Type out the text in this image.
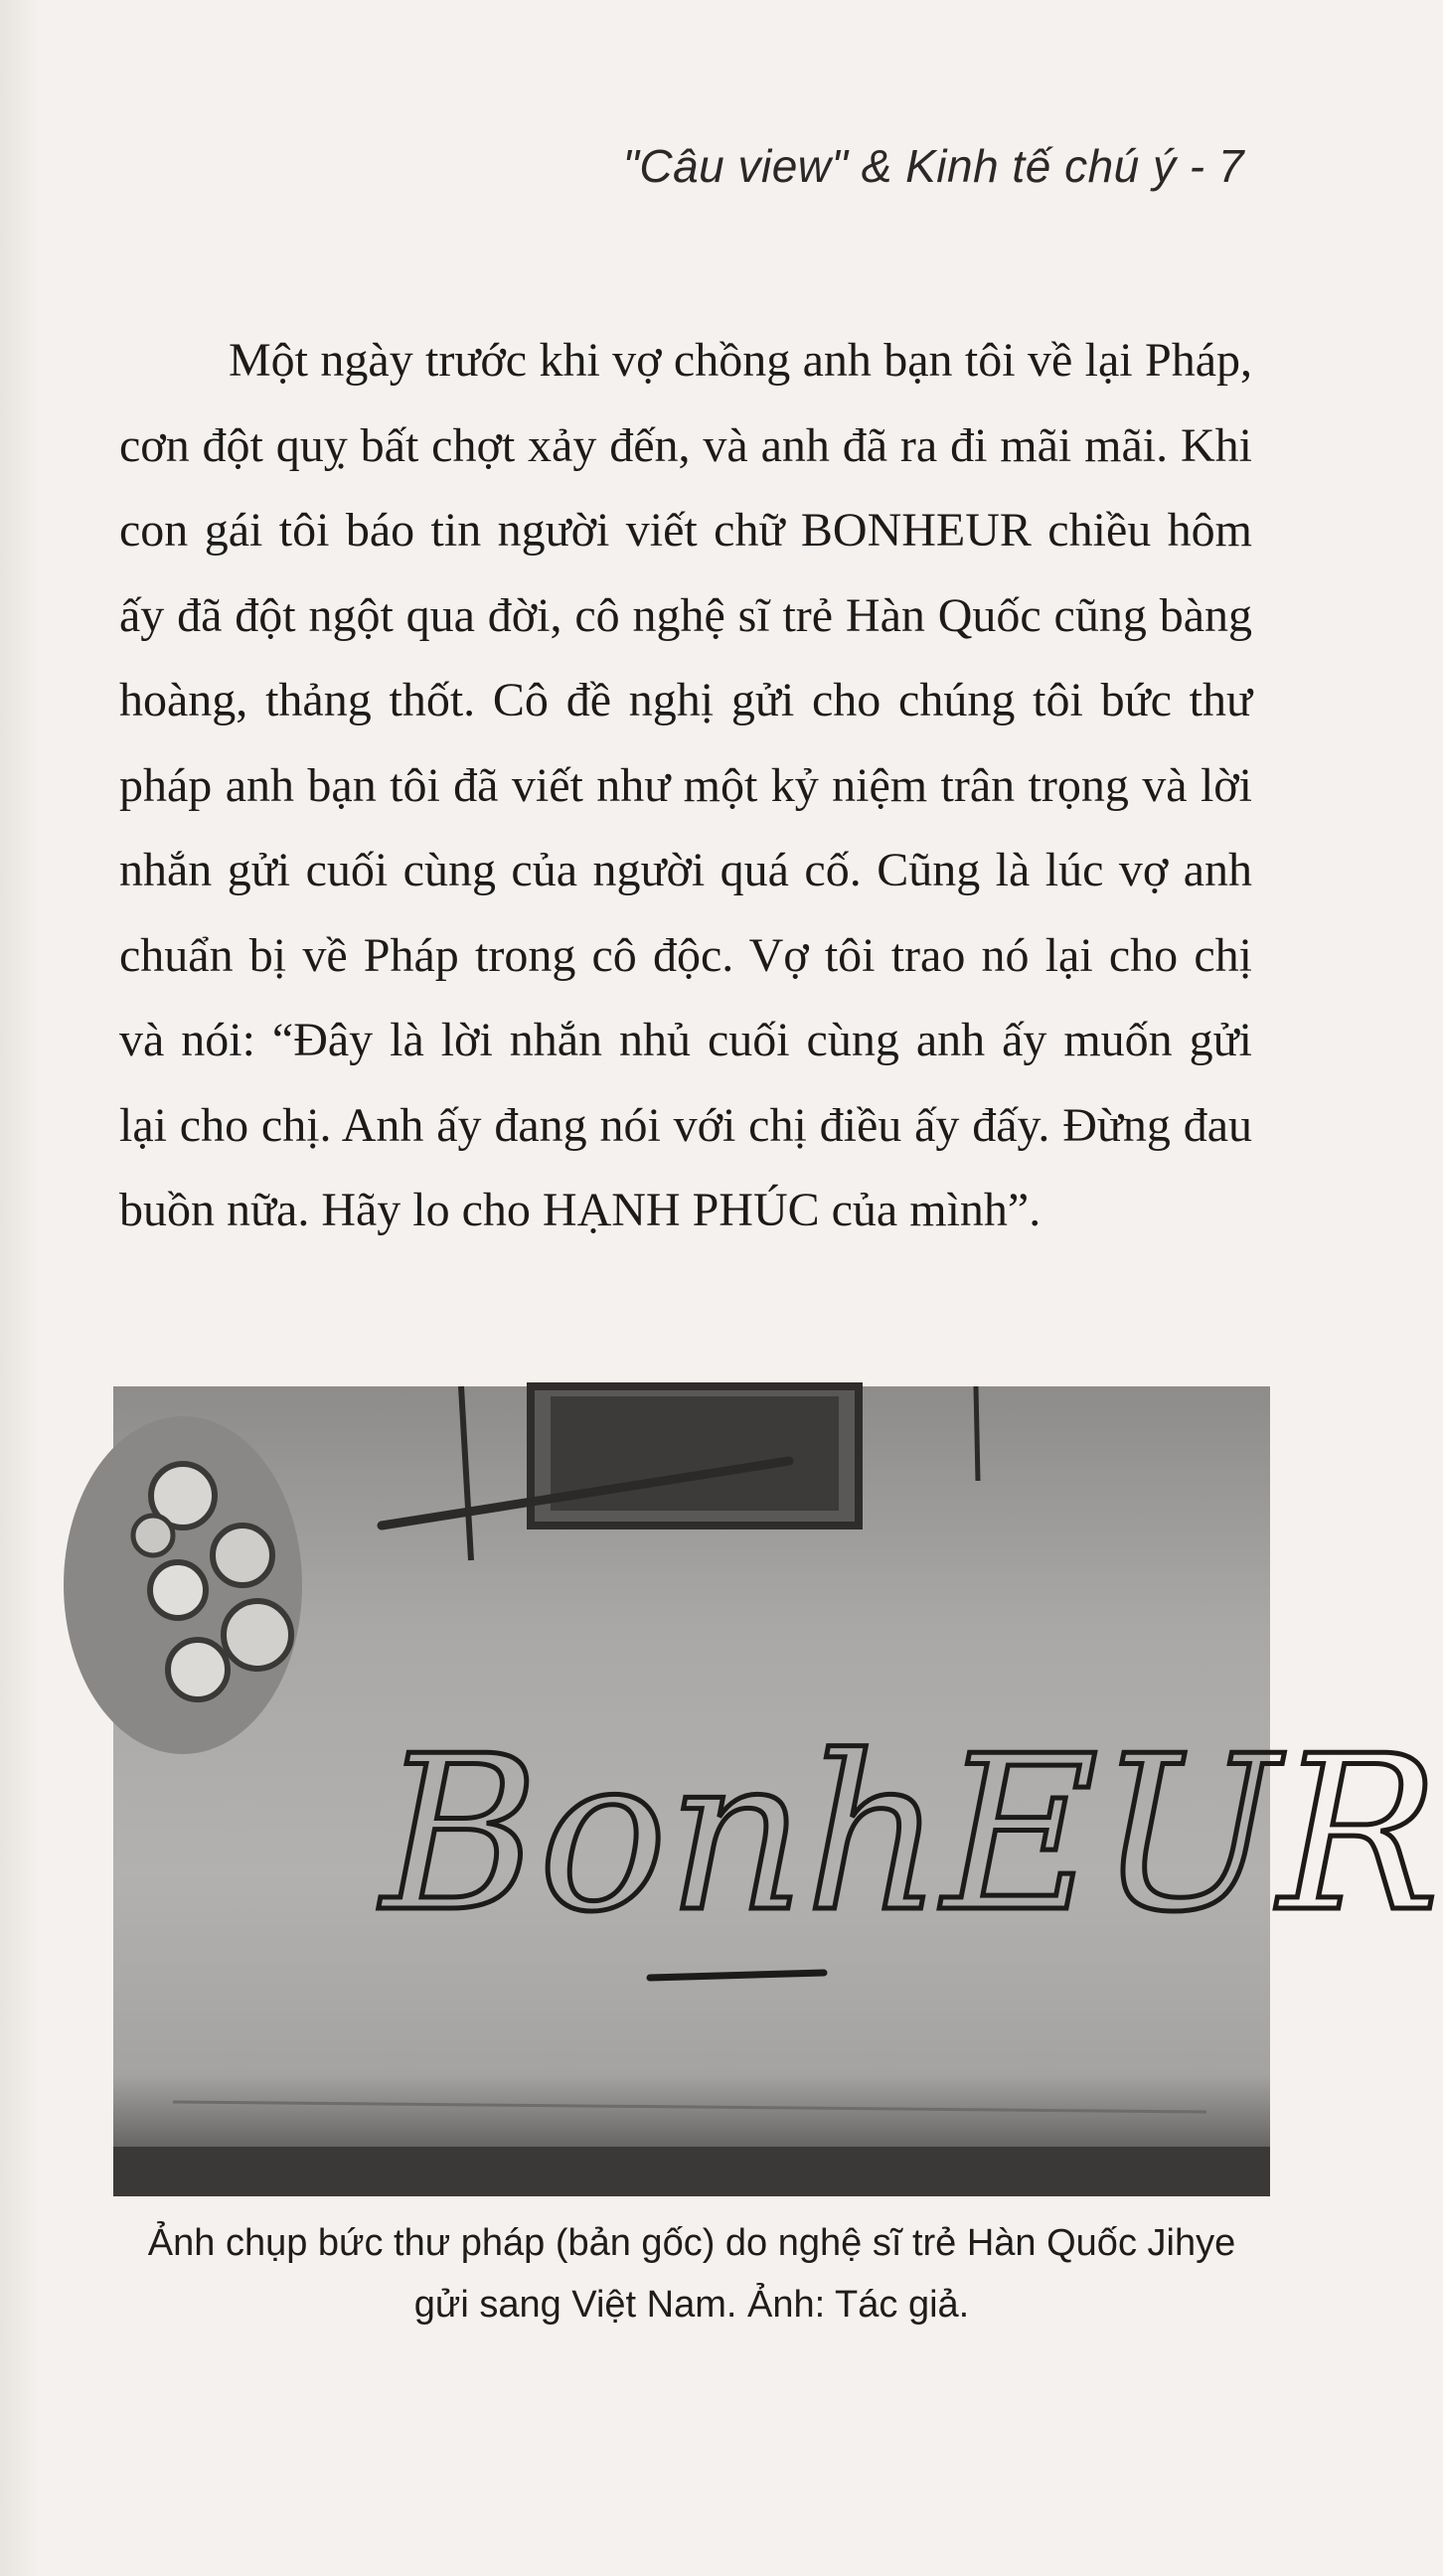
"Câu view" & Kinh tế chú ý - 7

Một ngày trước khi vợ chồng anh bạn tôi về lại Pháp, cơn đột quỵ bất chợt xảy đến, và anh đã ra đi mãi mãi. Khi con gái tôi báo tin người viết chữ BONHEUR chiều hôm ấy đã đột ngột qua đời, cô nghệ sĩ trẻ Hàn Quốc cũng bàng hoàng, thảng thốt. Cô đề nghị gửi cho chúng tôi bức thư pháp anh bạn tôi đã viết như một kỷ niệm trân trọng và lời nhắn gửi cuối cùng của người quá cố. Cũng là lúc vợ anh chuẩn bị về Pháp trong cô độc. Vợ tôi trao nó lại cho chị và nói: “Đây là lời nhắn nhủ cuối cùng anh ấy muốn gửi lại cho chị. Anh ấy đang nói với chị điều ấy đấy. Đừng đau buồn nữa. Hãy lo cho HẠNH PHÚC của mình”.

BonhEUR
Ảnh chụp bức thư pháp (bản gốc) do nghệ sĩ trẻ Hàn Quốc Jihye
gửi sang Việt Nam. Ảnh: Tác giả.
